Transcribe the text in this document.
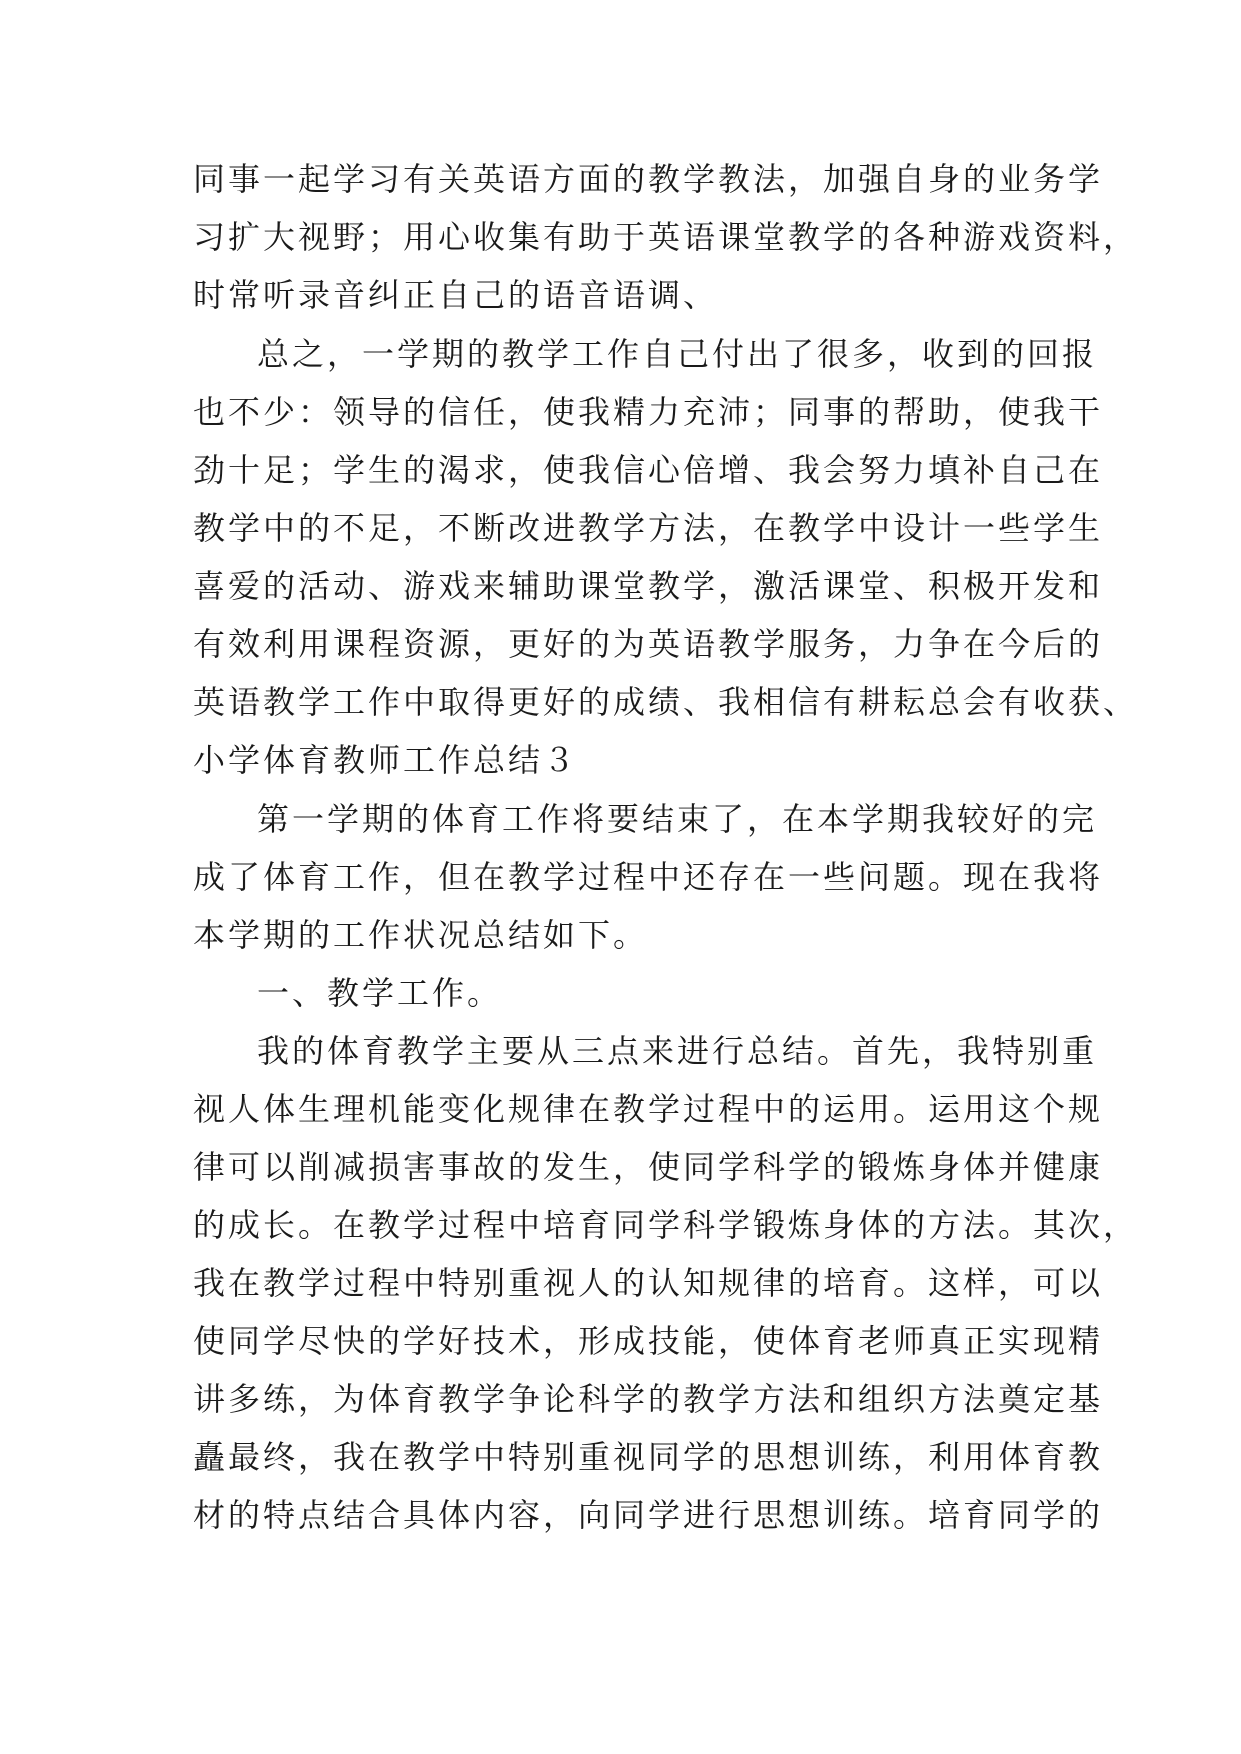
同事一起学习有关英语方面的教学教法，加强自身的业务学
习扩大视野；用心收集有助于英语课堂教学的各种游戏资料，
时常听录音纠正自己的语音语调、
总之，一学期的教学工作自己付出了很多，收到的回报
也不少：领导的信任，使我精力充沛；同事的帮助，使我干
劲十足；学生的渴求，使我信心倍增、我会努力填补自己在
教学中的不足，不断改进教学方法，在教学中设计一些学生
喜爱的活动、游戏来辅助课堂教学，激活课堂、积极开发和
有效利用课程资源，更好的为英语教学服务，力争在今后的
英语教学工作中取得更好的成绩、我相信有耕耘总会有收获、
小学体育教师工作总结３
第一学期的体育工作将要结束了，在本学期我较好的完
成了体育工作，但在教学过程中还存在一些问题。现在我将
本学期的工作状况总结如下。
一、教学工作。
我的体育教学主要从三点来进行总结。首先，我特别重
视人体生理机能变化规律在教学过程中的运用。运用这个规
律可以削减损害事故的发生，使同学科学的锻炼身体并健康
的成长。在教学过程中培育同学科学锻炼身体的方法。其次，
我在教学过程中特别重视人的认知规律的培育。这样，可以
使同学尽快的学好技术，形成技能，使体育老师真正实现精
讲多练，为体育教学争论科学的教学方法和组织方法奠定基
矗最终，我在教学中特别重视同学的思想训练，利用体育教
材的特点结合具体内容，向同学进行思想训练。培育同学的
